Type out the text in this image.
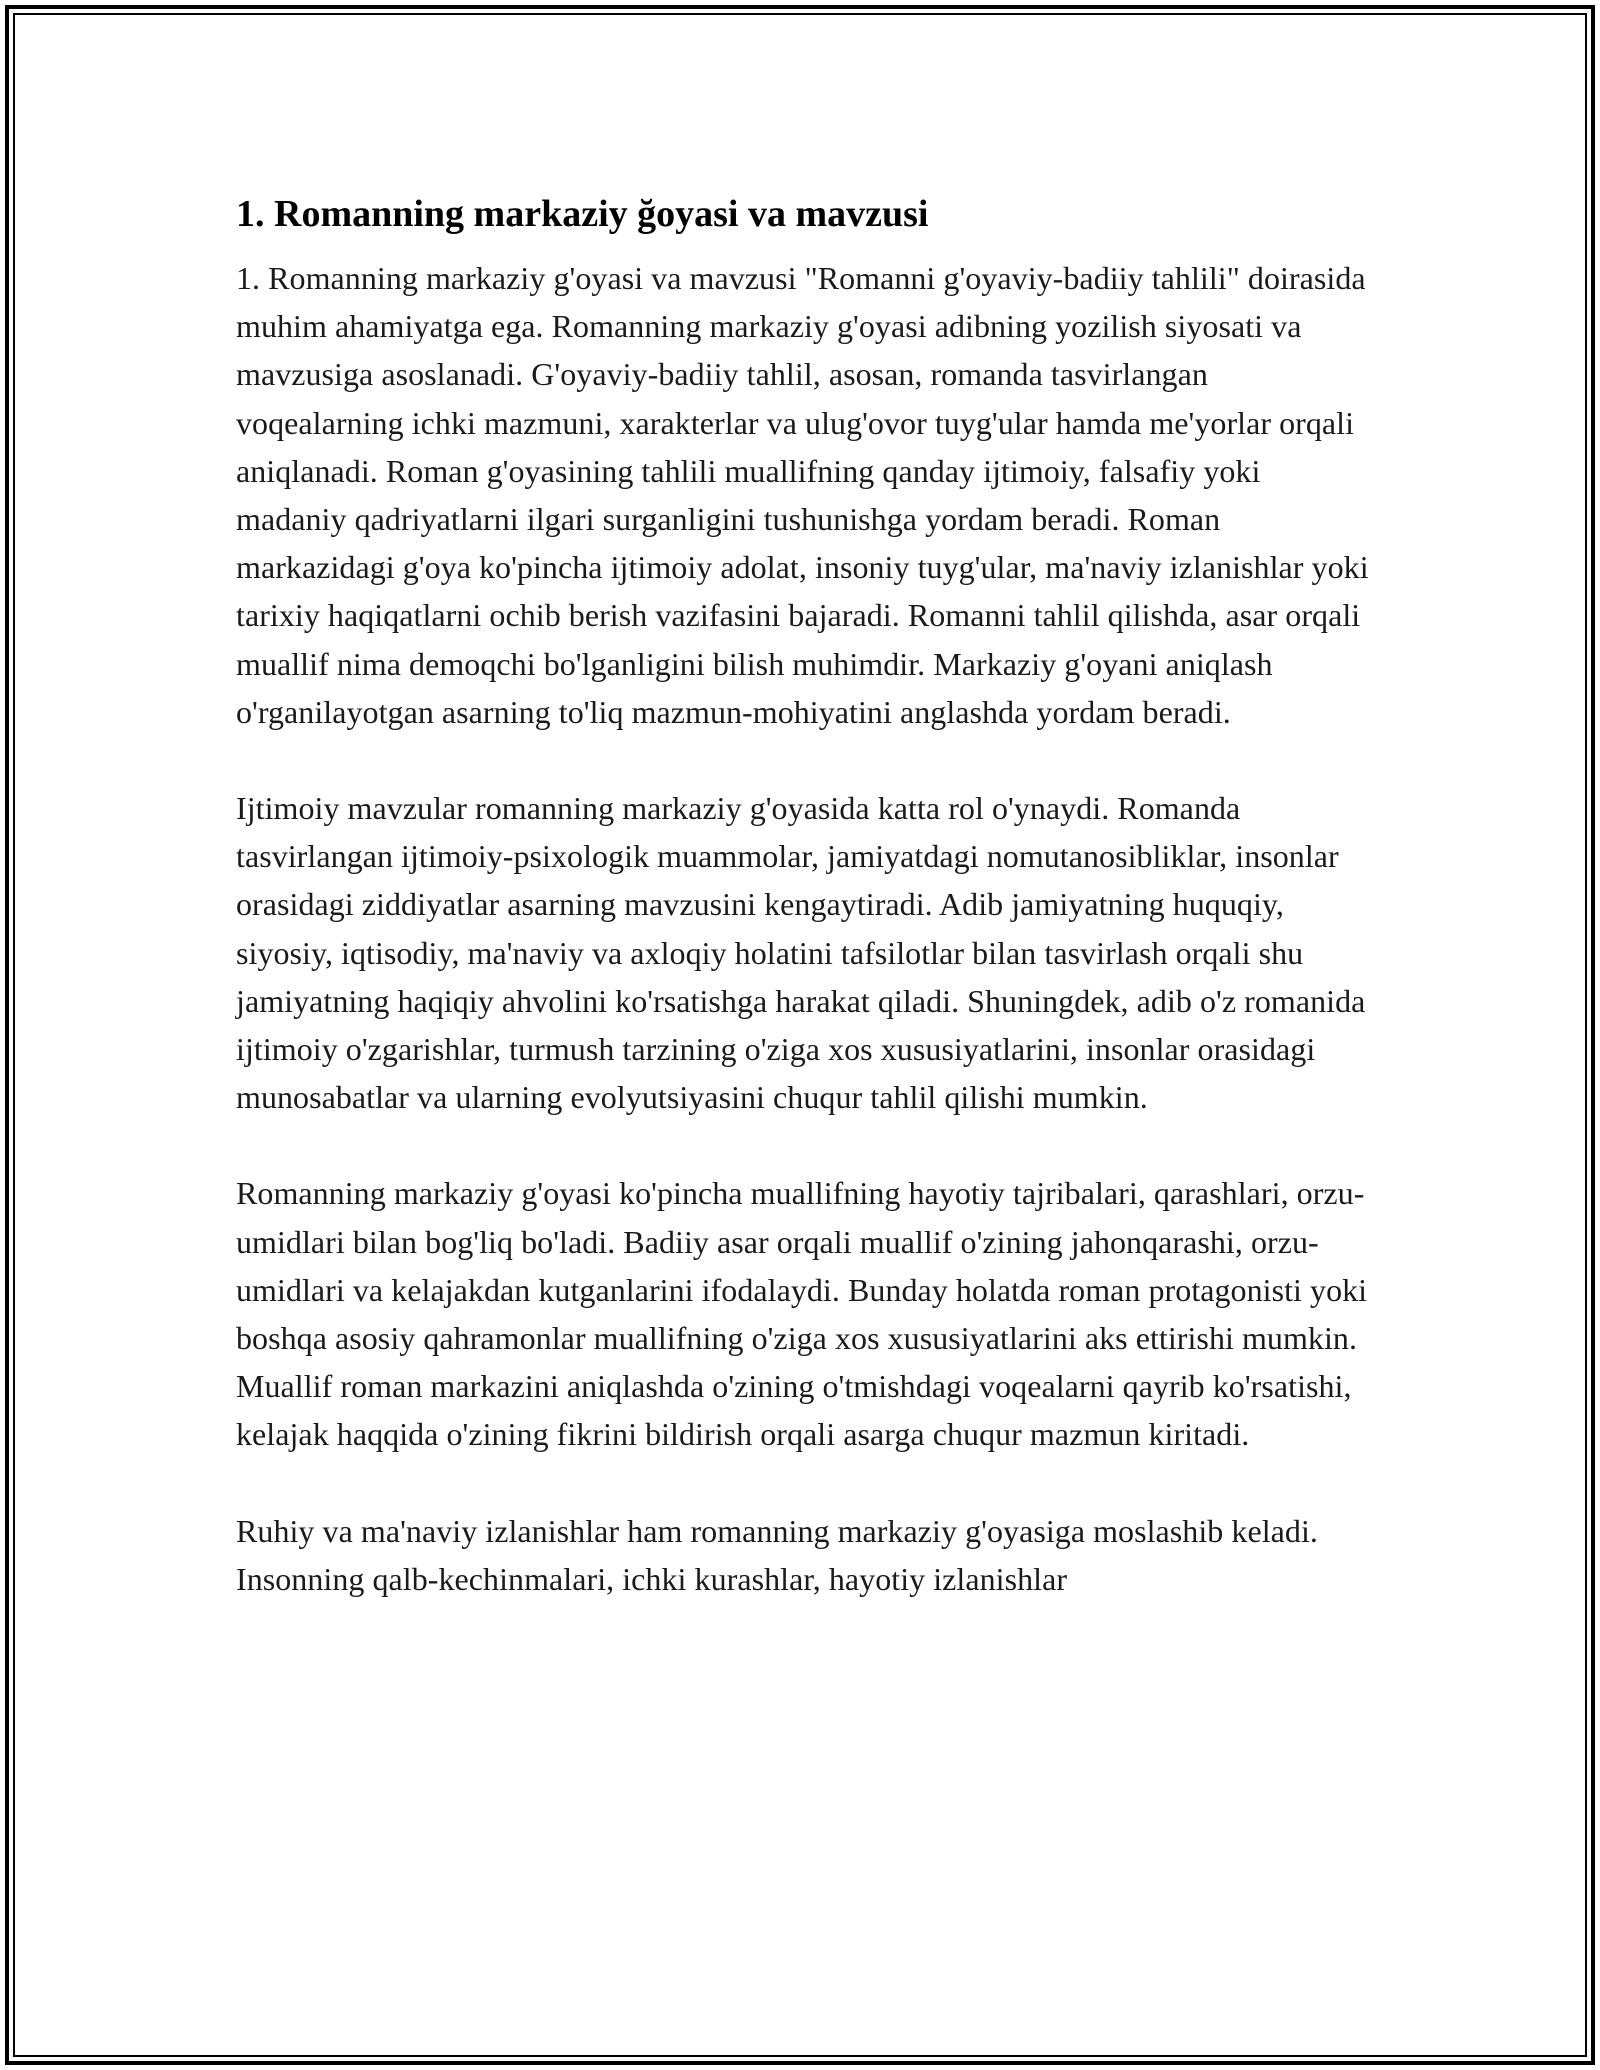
1. Romanning markaziy ğoyasi va mavzusi

1. Romanning markaziy g'oyasi va mavzusi "Romanni g'oyaviy-badiiy tahlili" doirasida muhim ahamiyatga ega. Romanning markaziy g'oyasi adibning yozilish siyosati va mavzusiga asoslanadi. G'oyaviy-badiiy tahlil, asosan, romanda tasvirlangan voqealarning ichki mazmuni, xarakterlar va ulug'ovor tuyg'ular hamda me'yorlar orqali aniqlanadi. Roman g'oyasining tahlili muallifning qanday ijtimoiy, falsafiy yoki madaniy qadriyatlarni ilgari surganligini tushunishga yordam beradi. Roman markazidagi g'oya ko'pincha ijtimoiy adolat, insoniy tuyg'ular, ma'naviy izlanishlar yoki tarixiy haqiqatlarni ochib berish vazifasini bajaradi. Romanni tahlil qilishda, asar orqali muallif nima demoqchi bo'lganligini bilish muhimdir. Markaziy g'oyani aniqlash o'rganilayotgan asarning to'liq mazmun-mohiyatini anglashda yordam beradi.

Ijtimoiy mavzular romanning markaziy g'oyasida katta rol o'ynaydi. Romanda tasvirlangan ijtimoiy-psixologik muammolar, jamiyatdagi nomutanosibliklar, insonlar orasidagi ziddiyatlar asarning mavzusini kengaytiradi. Adib jamiyatning huquqiy, siyosiy, iqtisodiy, ma'naviy va axloqiy holatini tafsilotlar bilan tasvirlash orqali shu jamiyatning haqiqiy ahvolini ko'rsatishga harakat qiladi. Shuningdek, adib o'z romanida ijtimoiy o'zgarishlar, turmush tarzining o'ziga xos xususiyatlarini, insonlar orasidagi munosabatlar va ularning evolyutsiyasini chuqur tahlil qilishi mumkin.

Romanning markaziy g'oyasi ko'pincha muallifning hayotiy tajribalari, qarashlari, orzu-umidlari bilan bog'liq bo'ladi. Badiiy asar orqali muallif o'zining jahonqarashi, orzu-umidlari va kelajakdan kutganlarini ifodalaydi. Bunday holatda roman protagonisti yoki boshqa asosiy qahramonlar muallifning o'ziga xos xususiyatlarini aks ettirishi mumkin. Muallif roman markazini aniqlashda o'zining o'tmishdagi voqealarni qayrib ko'rsatishi, kelajak haqqida o'zining fikrini bildirish orqali asarga chuqur mazmun kiritadi.

Ruhiy va ma'naviy izlanishlar ham romanning markaziy g'oyasiga moslashib keladi. Insonning qalb-kechinmalari, ichki kurashlar, hayotiy izlanishlar
